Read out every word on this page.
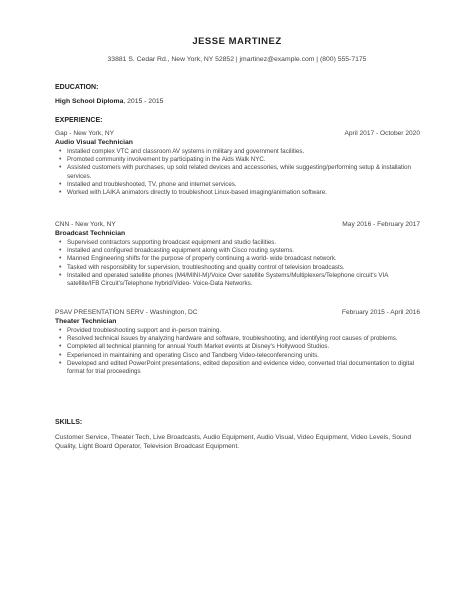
JESSE MARTINEZ
33881 S. Cedar Rd., New York, NY 52852 | jmartinez@example.com | (800) 555-7175
EDUCATION:
High School Diploma, 2015 - 2015
EXPERIENCE:
Gap - New York, NY	April 2017 - October 2020
Audio Visual Technician
• Installed complex VTC and classroom AV systems in military and government facilities.
• Promoted community involvement by participating in the Aids Walk NYC.
• Assisted customers with purchases, up sold related devices and accessories, while suggesting/performing setup & installation services.
• Installed and troubleshooted, TV, phone and internet services.
• Worked with LAIKA animators directly to troubleshoot Linux-based imaging/animation software.
CNN - New York, NY	May 2016 - February 2017
Broadcast Technician
• Supervised contractors supporting broadcast equipment and studio facilities.
• Installed and configured broadcasting equipment along with Cisco routing systems.
• Manned Engineering shifts for the purpose of properly continuing a world- wide broadcast network.
• Tasked with responsibility for supervision, troubleshooting and quality control of television broadcasts.
• Installed and operated satellite phones (M4/MINI-M)/Voice Over satellite Systems/Multiplexers/Telephone circuit's VIA satellite/IFB Circuit's/Telephone hybrid/Video- Voice-Data Networks.
PSAV PRESENTATION SERV - Washington, DC	February 2015 - April 2016
Theater Technician
• Provided troubleshooting support and in-person training.
• Resolved technical issues by analyzing hardware and software, troubleshooting, and identifying root causes of problems.
• Completed all technical planning for annual Youth Market events at Disney's Hollywood Studios.
• Experienced in maintaining and operating Cisco and Tandberg Video-teleconferencing units.
• Developed and edited PowerPoint presentations, edited deposition and evidence video, converted trial documentation to digital format for trial proceedings
SKILLS:
Customer Service, Theater Tech, Live Broadcasts, Audio Equipment, Audio Visual, Video Equipment, Video Levels, Sound Quality, Light Board Operator, Television Broadcast Equipment.
